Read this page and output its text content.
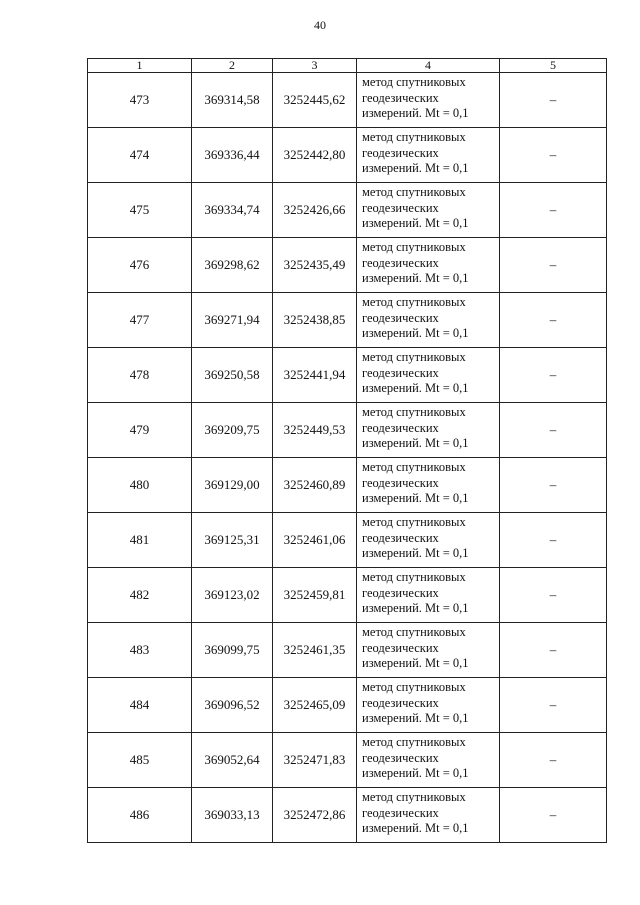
40
1	2	3	4	5
473	369314,58	3252445,62	метод спутниковых
геодезических
измерений. Mt = 0,1	–
474	369336,44	3252442,80	метод спутниковых
геодезических
измерений. Mt = 0,1	–
475	369334,74	3252426,66	метод спутниковых
геодезических
измерений. Mt = 0,1	–
476	369298,62	3252435,49	метод спутниковых
геодезических
измерений. Mt = 0,1	–
477	369271,94	3252438,85	метод спутниковых
геодезических
измерений. Mt = 0,1	–
478	369250,58	3252441,94	метод спутниковых
геодезических
измерений. Mt = 0,1	–
479	369209,75	3252449,53	метод спутниковых
геодезических
измерений. Mt = 0,1	–
480	369129,00	3252460,89	метод спутниковых
геодезических
измерений. Mt = 0,1	–
481	369125,31	3252461,06	метод спутниковых
геодезических
измерений. Mt = 0,1	–
482	369123,02	3252459,81	метод спутниковых
геодезических
измерений. Mt = 0,1	–
483	369099,75	3252461,35	метод спутниковых
геодезических
измерений. Mt = 0,1	–
484	369096,52	3252465,09	метод спутниковых
геодезических
измерений. Mt = 0,1	–
485	369052,64	3252471,83	метод спутниковых
геодезических
измерений. Mt = 0,1	–
486	369033,13	3252472,86	метод спутниковых
геодезических
измерений. Mt = 0,1	–
